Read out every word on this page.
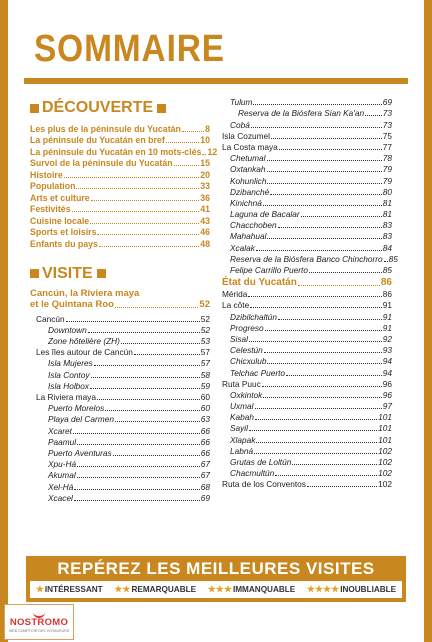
SOMMAIRE
DÉCOUVERTE
Les plus de la péninsule du Yucatán	8
La péninsule du Yucatán en bref	10
La péninsule du Yucatán en 10 mots-clés 12
Survol de la péninsule du Yucatán	15
Histoire	20
Population	33
Arts et culture	36
Festivités	41
Cuisine locale	43
Sports et loisirs	46
Enfants du pays	48
VISITE
Cancún, la Riviera maya
et le Quintana Roo	52
Cancún	52
Downtown	52
Zone hôtelière (ZH)	53
Les îles autour de Cancún	57
Isla Mujeres	57
Isla Contoy	58
Isla Holbox	59
La Riviera maya	60
Puerto Morelos	60
Playa del Carmen	63
Xcaret	66
Paamul	66
Puerto Aventuras	66
Xpu-Há	67
Akumal	67
Xel-Há	68
Xcacel	69
Tulum	69
Reserva de la Biósfera Sian Ka'an 73
Cobá	73
Isla Cozumel	75
La Costa maya	77
Chetumal	78
Oxtankah	79
Kohunlich	79
Dzibanché	80
Kinichná	81
Laguna de Bacalar	81
Chacchoben	83
Mahahual	83
Xcalak	84
Reserva de la Biósfera Banco Chinchorro 85
Felipe Carrillo Puerto	85
État du Yucatán	86
Mérida	86
La côte	91
Dzibilchaltún	91
Progreso	91
Sisal	92
Celestún	93
Chicxulub	94
Telchac Puerto	94
Ruta Puuc	96
Oxkintok	96
Uxmal	97
Kabah	101
Sayil	101
Xlapak	101
Labná	102
Grutas de Loltún	102
Chacmultún	102
Ruta de los Conventos	102
REPÉREZ LES MEILLEURES VISITES
★ INTÉRESSANT ★★ REMARQUABLE ★★★ IMMANQUABLE ★★★★ INOUBLIABLE
NOSTROMO
WEB COMPTOIR DES VOYAGEURS
